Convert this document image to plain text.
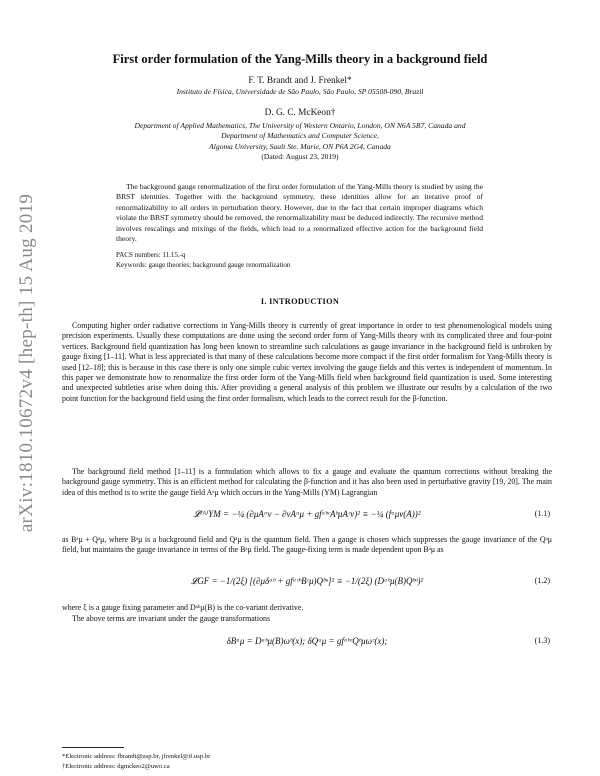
arXiv:1810.10672v4 [hep-th] 15 Aug 2019
First order formulation of the Yang-Mills theory in a background field
F. T. Brandt and J. Frenkel*
Instituto de Física, Universidade de São Paulo, São Paulo, SP 05508-090, Brazil
D. G. C. McKeon†
Department of Applied Mathematics, The University of Western Ontario, London, ON N6A 5B7, Canada and
Department of Mathematics and Computer Science,
Algoma University, Sault Ste. Marie, ON P6A 2G4, Canada
(Dated: August 23, 2019)

The background gauge renormalization of the first order formulation of the Yang-Mills theory is studied by using the BRST identities. Together with the background symmetry, these identities allow for an iterative proof of renormalizability to all orders in perturbation theory. However, due to the fact that certain improper diagrams which violate the BRST symmetry should be removed, the renormalizability must be deduced indirectly. The recursive method involves rescalings and mixings of the fields, which lead to a renormalized effective action for the background field theory.

PACS numbers: 11.15.-q
Keywords: gauge theories; background gauge renormalization
I. INTRODUCTION

Computing higher order radiative corrections in Yang-Mills theory is currently of great importance in order to test phenomenological models using precision experiments. Usually these computations are done using the second order form of Yang-Mills theory with its complicated three and four-point vertices. Background field quantization has long been known to streamline such calculations as gauge invariance in the background field is unbroken by gauge fixing [1–11]. What is less appreciated is that many of these calculations become more compact if the first order formalism for Yang-Mills theory is used [12–18]; this is because in this case there is only one simple cubic vertex involving the gauge fields and this vertex is independent of momentum. In this paper we demonstrate how to renormalize the first order form of the Yang-Mills field when background field quantization is used. Some interesting and unexpected subtleties arise when doing this. After providing a general analysis of this problem we illustrate our results by a calculation of the two point function for the background field using the first order formalism, which leads to the correct result for the β-function.

The background field method [1–11] is a formulation which allows to fix a gauge and evaluate the quantum corrections without breaking the background gauge symmetry. This is an efficient method for calculating the β-function and it has also been used in perturbative gravity [19, 20]. The main idea of this method is to write the gauge field Aᵃμ which occurs in the Yang-Mills (YM) Lagrangian

𝓛⁽ᴬ⁾YM = −¼ (∂μAᵃν − ∂νAᵃμ + gfᵃᵇᶜAᵇμAᶜν)² ≡ −¼ (fᵃμν(A))²	(1.1)

as Bᵃμ + Qᵃμ, where Bᵃμ is a background field and Qᵃμ is the quantum field. Then a gauge is chosen which suppresses the gauge invariance of the Qᵃμ field, but maintains the gauge invariance in terms of the Bᵃμ field. The gauge-fixing term is made dependent upon Bᵃμ as

𝓛GF = −1/(2ξ) [(∂μδᵃᵇ + gfᵃᶜᵇBᶜμ)Qᵇᵘ]² ≡ −1/(2ξ) (Dᵃᵇμ(B)Qᵇᵘ)²	(1.2)

where ξ is a gauge fixing parameter and Dᵃᵇμ(B) is the co-variant derivative.

The above terms are invariant under the gauge transformations

δBᵃμ = Dᵃᵇμ(B)ωᵇ(x); δQᵃμ = gfᵃᵇᶜQᵇμωᶜ(x);	(1.3)
*Electronic address: fbrandt@usp.br, jfrenkel@if.usp.br
†Electronic address: dgmckeo2@uwo.ca
